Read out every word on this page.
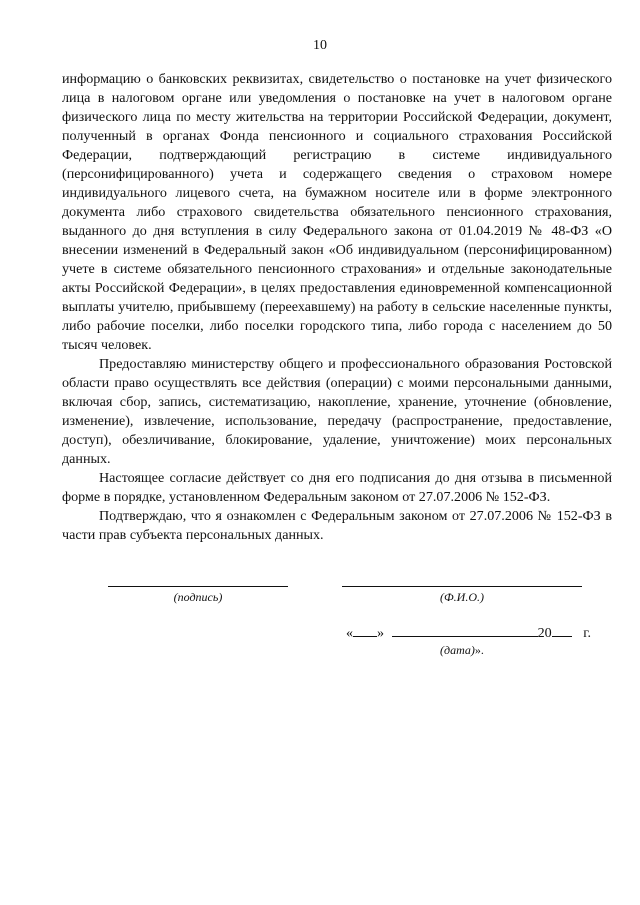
10

информацию о банковских реквизитах, свидетельство о постановке на учет физического лица в налоговом органе или уведомления о постановке на учет в налоговом органе физического лица по месту жительства на территории Российской Федерации, документ, полученный в органах Фонда пенсионного и социального страхования Российской Федерации, подтверждающий регистрацию в системе индивидуального (персонифицированного) учета и содержащего сведения о страховом номере индивидуального лицевого счета, на бумажном носителе или в форме электронного документа либо страхового свидетельства обязательного пенсионного страхования, выданного до дня вступления в силу Федерального закона от 01.04.2019 № 48-ФЗ «О внесении изменений в Федеральный закон «Об индивидуальном (персонифицированном) учете в системе обязательного пенсионного страхования» и отдельные законодательные акты Российской Федерации», в целях предоставления единовременной компенсационной выплаты учителю, прибывшему (переехавшему) на работу в сельские населенные пункты, либо рабочие поселки, либо поселки городского типа, либо города с населением до 50 тысяч человек.

Предоставляю министерству общего и профессионального образования Ростовской области право осуществлять все действия (операции) с моими персональными данными, включая сбор, запись, систематизацию, накопление, хранение, уточнение (обновление, изменение), извлечение, использование, передачу (распространение, предоставление, доступ), обезличивание, блокирование, удаление, уничтожение) моих персональных данных.

Настоящее согласие действует со дня его подписания до дня отзыва в письменной форме в порядке, установленном Федеральным законом от 27.07.2006 № 152-ФЗ.

Подтверждаю, что я ознакомлен с Федеральным законом от 27.07.2006 № 152-ФЗ в части прав субъекта персональных данных.

(подпись)	(Ф.И.О.)
« »	20 г.
(дата)».
